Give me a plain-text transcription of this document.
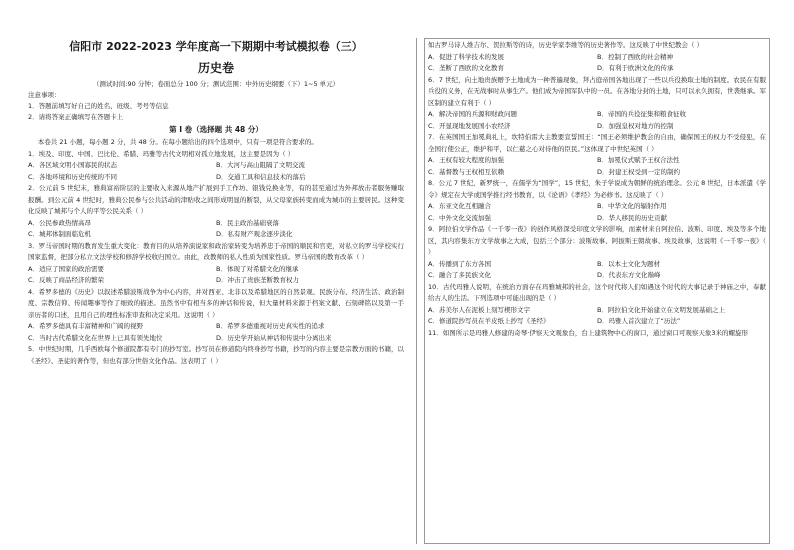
信阳市 2022-2023 学年度高一下期期中考试模拟卷（三）

历史卷

（测试时间:90 分钟；卷面总分 100 分；测试范围：中外历史纲要（下）1~5 单元）

注意事项：

1．答题前填写好自己的姓名、班级、考号等信息

2．请将答案正确填写在答题卡上

第 I 卷（选择题 共 48 分）

本卷共 21 小题，每小题 2 分，共 48 分。在每小题给出的四个选项中，只有一项是符合要求的。

1．埃及、印度、中国、巴比伦、希腊、玛雅等古代文明相对孤立地发展，这主要是因为（ ）

A．各区域文明小国寡民的状态	B．大河与高山阻隔了文明交流
C．各地环境和历史传统的不同	D．交通工具和信息技术的落后

2．公元前 5 世纪末，雅典富裕阶层的主要收入来源从地产扩展到手工作坊、银钱兑换业等，有的甚至通过为外邦放击者服务赚取报酬。到公元前 4 世纪时，雅典公民参与公共活动的津贴收之间形成明显的断裂，从父母家族转变而成为城市的主要居民。这种变化反映了城邦与个人的平等公民关系（ ）

A．公民参政热情高昂	B．民主政治基础衰落
C．城邦体制面临危机	D．私有财产观念逐步淡化

3．罗马帝国时期的教育发生重大变化：教育目的从培养演说家和政治家转变为培养忠于帝国的顺民和官吏，对私立的罗马学校实行国家监督，把部分私立文法学校和修辞学校收归国立。由此，改教师的私人性质为国家性质。罗马帝国的教育改革（ ）

A．适应了国家的政治需要	B．体现了对希腊文化的继承
C．反映了商品经济的繁荣	D．冲击了贵族垄断教育权力

4．希罗多德的《历史》以叙述希腊波斯战争为中心内容，并对西亚、北非以及希腊地区的自然景观、民族分布、经济生活、政治制度、宗教信仰、传闻趣事等作了细致的描述。虽然书中有相当多的神话和传说，但大量材料来源于档案文献、石刻碑铭以及第一手亲历者的口述，且用自己的理性标准审查和决定采用。这说明（ ）

A．希罗多德具有丰富精神和广阔的视野	B．希罗多德重视对历史真实性的追求
C．当时古代希腊文化在世界上已具有领先地位	D．历史学开始从神话和传说中分离出来

5．中世纪时期，几乎西欧每个修道院都有专门的抄写室。抄写员在修道院内终身抄写书籍，抄写的内容主要是宗教方面的书籍，以《圣经》、圣徒的著作等，但也有部分世俗文化作品。这表明了（ ）

如古罗马诗人维吉尔、贺拉斯等的诗，历史学家李维等的历史著作等。这反映了中世纪教会（ ）

A．促进了科学技术的发展	B．控制了西欧的社会精神
C．垄断了西欧的文化教育	D．有利于欧洲文化的传承

6．7 世纪，向土地贵族赠予土地成为一种普遍现象，拜占庭帝国各地出现了一些以兵役换取土地的制度。农民在有服兵役的义务，在无战事时从事生产。他们成为帝国军队中的一员。在各地分封的土地，只可以永久拥有，世袭继承。军区制的建立有利于（ ）

A．解决帝国的兵源和财政问题	B．帝国的兵役征集和粮食征收
C．开显现地发展国小农经济	D．加强皇权对地方的控制

7．在英国国王加冕典礼上，坎特伯雷大主教要宣誓国王：“国王必须维护教会的自由，确保国王的权力不受侵犯，在全国行使公正，维护和平，以仁慈之心对待他的臣民。”这体现了中世纪英国（ ）

A．王权有较大程度的加强	B．加冕仪式赋予王权合法性
C．基督教与王权相互依赖	D．封建王权受到一定的制约

8．公元 7 世纪，新罗统一，在儒学为“国学”，15 世纪，朱子学说成为朝鲜的统治理念。公元 8 世纪，日本派遣《学令》规定在大学或国学推行经书教育，以《论语》《孝经》为必修书。这反映了（ ）

A．东亚文化互相融合	B．中华文化的辐射作用
C．中外文化交流加强	D．华人移民的历史贡献

9．阿拉伯文学作品《一千零一夜》的创作风格深受印度文学的影响，而素材来自阿拉伯、波斯、印度、埃及等多个地区，其内容集东方文学故事之大成，包括三个部分：波斯故事、阿拔斯王朝故事、埃及故事，这说明《一千零一夜》（ ）

A．传播到了东方各国	B．以本土文化为题材
C．融合了多民族文化	D．代表东方文化巅峰

10．古代玛雅人说明，在统治方面存在玛雅城邦的社会，这个时代将人们如遇这个时代的大事记录于神庙之中，奉献给古人的生活。下列选项中可能出现的是（ ）

A．苏美尔人在泥板上刻写楔形文字	B．阿拉伯文化开始建立在文明发展基础之上
C．修道院抄写员在羊皮纸上抄写《圣经》	D．玛雅人首次建立了“历法”

11．如图所示是玛雅人修建的奇琴·伊察天文观象台，台上建筑物中心的窗口，通过窗口可观察天象3米的螺旋形
